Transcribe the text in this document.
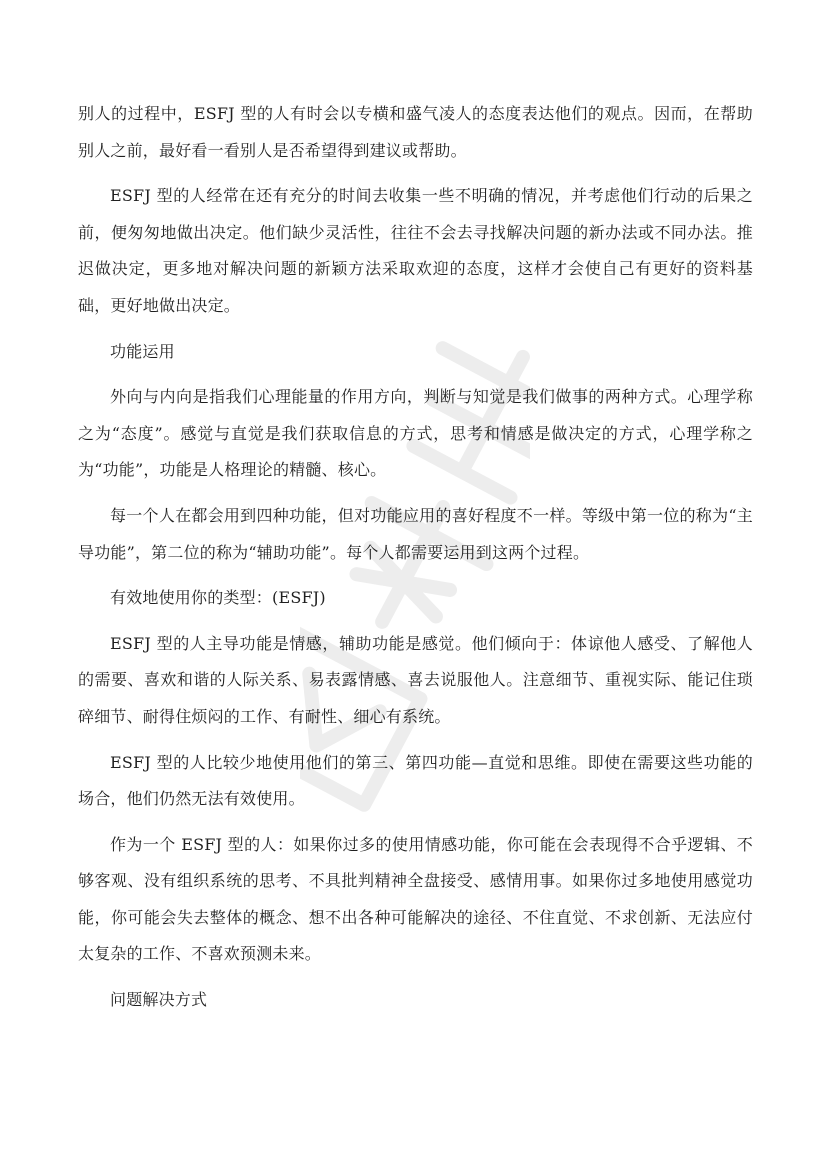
别人的过程中，ESFJ 型的人有时会以专横和盛气凌人的态度表达他们的观点。因而，在帮助别人之前，最好看一看别人是否希望得到建议或帮助。

ESFJ 型的人经常在还有充分的时间去收集一些不明确的情况，并考虑他们行动的后果之前，便匆匆地做出决定。他们缺少灵活性，往往不会去寻找解决问题的新办法或不同办法。推迟做决定，更多地对解决问题的新颖方法采取欢迎的态度，这样才会使自己有更好的资料基础，更好地做出决定。

功能运用

外向与内向是指我们心理能量的作用方向，判断与知觉是我们做事的两种方式。心理学称之为“态度”。感觉与直觉是我们获取信息的方式，思考和情感是做决定的方式，心理学称之为“功能”，功能是人格理论的精髓、核心。

每一个人在都会用到四种功能，但对功能应用的喜好程度不一样。等级中第一位的称为“主导功能”，第二位的称为“辅助功能”。每个人都需要运用到这两个过程。

有效地使用你的类型：(ESFJ)

ESFJ 型的人主导功能是情感，辅助功能是感觉。他们倾向于：体谅他人感受、了解他人的需要、喜欢和谐的人际关系、易表露情感、喜去说服他人。注意细节、重视实际、能记住琐碎细节、耐得住烦闷的工作、有耐性、细心有系统。

ESFJ 型的人比较少地使用他们的第三、第四功能—直觉和思维。即使在需要这些功能的场合，他们仍然无法有效使用。

作为一个 ESFJ 型的人：如果你过多的使用情感功能，你可能在会表现得不合乎逻辑、不够客观、没有组织系统的思考、不具批判精神全盘接受、感情用事。如果你过多地使用感觉功能，你可能会失去整体的概念、想不出各种可能解决的途径、不住直觉、不求创新、无法应付太复杂的工作、不喜欢预测未来。

问题解决方式
